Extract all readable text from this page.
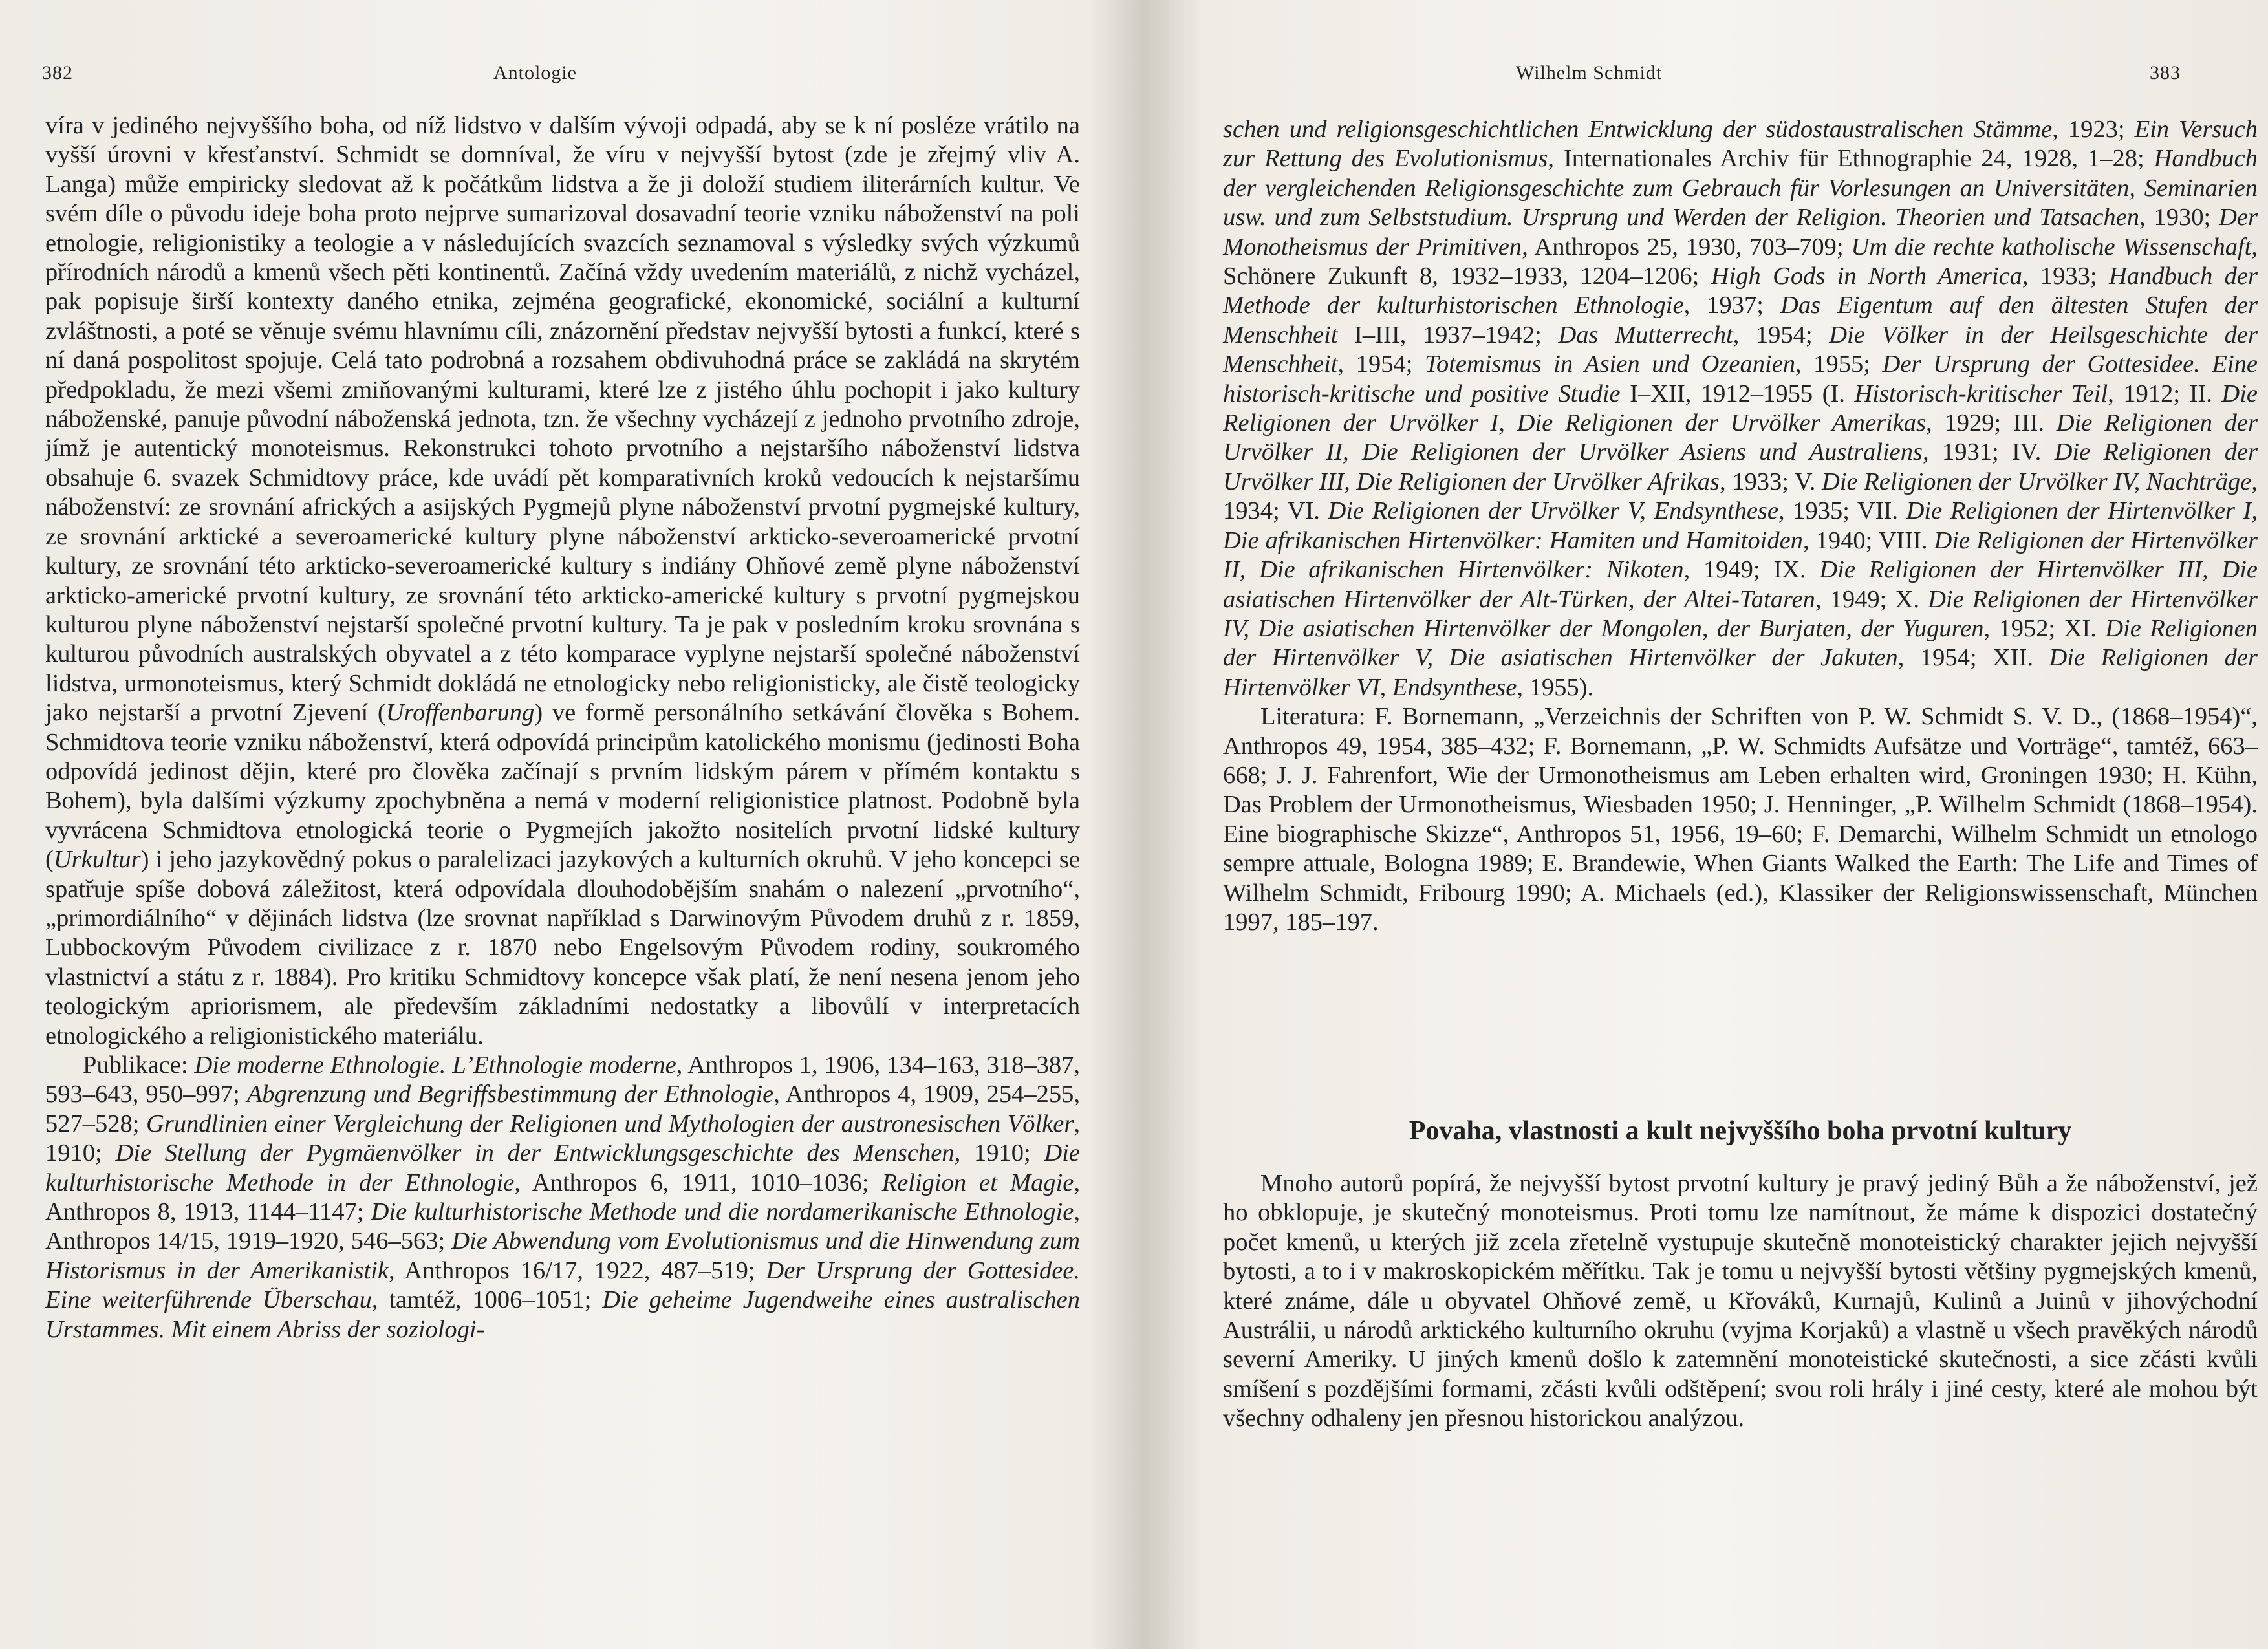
382	Antologie

víra v jediného nejvyššího boha, od níž lidstvo v dalším vývoji odpadá, aby se k ní posléze vrátilo na vyšší úrovni v křesťanství. Schmidt se domníval, že víru v nejvyšší bytost (zde je zřejmý vliv A. Langa) může empiricky sledovat až k počátkům lidstva a že ji doloží studiem iliterárních kultur. Ve svém díle o původu ideje boha proto nejprve sumarizoval dosavadní teorie vzniku náboženství na poli etnologie, religionistiky a teologie a v následujících svazcích seznamoval s výsledky svých výzkumů přírodních národů a kmenů všech pěti kontinentů. Začíná vždy uvedením materiálů, z nichž vycházel, pak popisuje širší kontexty daného etnika, zejména geografické, ekonomické, sociální a kulturní zvláštnosti, a poté se věnuje svému hlavnímu cíli, znázornění představ nejvyšší bytosti a funkcí, které s ní daná pospolitost spojuje. Celá tato podrobná a rozsahem obdivuhodná práce se zakládá na skrytém předpokladu, že mezi všemi zmiňovanými kulturami, které lze z jistého úhlu pochopit i jako kultury náboženské, panuje původní náboženská jednota, tzn. že všechny vycházejí z jednoho prvotního zdroje, jímž je autentický monoteismus. Rekonstrukci tohoto prvotního a nejstaršího náboženství lidstva obsahuje 6. svazek Schmidtovy práce, kde uvádí pět komparativních kroků vedoucích k nejstaršímu náboženství: ze srovnání afrických a asijských Pygmejů plyne náboženství prvotní pygmejské kultury, ze srovnání arktické a severoamerické kultury plyne náboženství arkticko-severoamerické prvotní kultury, ze srovnání této arkticko-severoamerické kultury s indiány Ohňové země plyne náboženství arkticko-americké prvotní kultury, ze srovnání této arkticko-americké kultury s prvotní pygmejskou kulturou plyne náboženství nejstarší společné prvotní kultury. Ta je pak v posledním kroku srovnána s kulturou původních australských obyvatel a z této komparace vyplyne nejstarší společné náboženství lidstva, urmonoteismus, který Schmidt dokládá ne etnologicky nebo religionisticky, ale čistě teologicky jako nejstarší a prvotní Zjevení (Uroffenbarung) ve formě personálního setkávání člověka s Bohem. Schmidtova teorie vzniku náboženství, která odpovídá principům katolického monismu (jedinosti Boha odpovídá jedinost dějin, které pro člověka začínají s prvním lidským párem v přímém kontaktu s Bohem), byla dalšími výzkumy zpochybněna a nemá v moderní religionistice platnost. Podobně byla vyvrácena Schmidtova etnologická teorie o Pygmejích jakožto nositelích prvotní lidské kultury (Urkultur) i jeho jazykovědný pokus o paralelizaci jazykových a kulturních okruhů. V jeho koncepci se spatřuje spíše dobová záležitost, která odpovídala dlouhodobějším snahám o nalezení „prvotního“, „primordiálního“ v dějinách lidstva (lze srovnat například s Darwinovým Původem druhů z r. 1859, Lubbockovým Původem civilizace z r. 1870 nebo Engelsovým Původem rodiny, soukromého vlastnictví a státu z r. 1884). Pro kritiku Schmidtovy koncepce však platí, že není nesena jenom jeho teologickým apriorismem, ale především základními nedostatky a libovůlí v interpretacích etnologického a religionistického materiálu.

Publikace: Die moderne Ethnologie. L’Ethnologie moderne, Anthropos 1, 1906, 134–163, 318–387, 593–643, 950–997; Abgrenzung und Begriffsbestimmung der Ethnologie, Anthropos 4, 1909, 254–255, 527–528; Grundlinien einer Vergleichung der Religionen und Mythologien der austronesischen Völker, 1910; Die Stellung der Pygmäenvölker in der Entwicklungsgeschichte des Menschen, 1910; Die kulturhistorische Methode in der Ethnologie, Anthropos 6, 1911, 1010–1036; Religion et Magie, Anthropos 8, 1913, 1144–1147; Die kulturhistorische Methode und die nordamerikanische Ethnologie, Anthropos 14/15, 1919–1920, 546–563; Die Abwendung vom Evolutionismus und die Hinwendung zum Historismus in der Amerikanistik, Anthropos 16/17, 1922, 487–519; Der Ursprung der Gottesidee. Eine weiterführende Überschau, tamtéž, 1006–1051; Die geheime Jugendweihe eines australischen Urstammes. Mit einem Abriss der soziologi-

Wilhelm Schmidt	383

schen und religionsgeschichtlichen Entwicklung der südostaustralischen Stämme, 1923; Ein Versuch zur Rettung des Evolutionismus, Internationales Archiv für Ethnographie 24, 1928, 1–28; Handbuch der vergleichenden Religionsgeschichte zum Gebrauch für Vorlesungen an Universitäten, Seminarien usw. und zum Selbststudium. Ursprung und Werden der Religion. Theorien und Tatsachen, 1930; Der Monotheismus der Primitiven, Anthropos 25, 1930, 703–709; Um die rechte katholische Wissenschaft, Schönere Zukunft 8, 1932–1933, 1204–1206; High Gods in North America, 1933; Handbuch der Methode der kulturhistorischen Ethnologie, 1937; Das Eigentum auf den ältesten Stufen der Menschheit I–III, 1937–1942; Das Mutterrecht, 1954; Die Völker in der Heilsgeschichte der Menschheit, 1954; Totemismus in Asien und Ozeanien, 1955; Der Ursprung der Gottesidee. Eine historisch-kritische und positive Studie I–XII, 1912–1955 (I. Historisch-kritischer Teil, 1912; II. Die Religionen der Urvölker I, Die Religionen der Urvölker Amerikas, 1929; III. Die Religionen der Urvölker II, Die Religionen der Urvölker Asiens und Australiens, 1931; IV. Die Religionen der Urvölker III, Die Religionen der Urvölker Afrikas, 1933; V. Die Religionen der Urvölker IV, Nachträge, 1934; VI. Die Religionen der Urvölker V, Endsynthese, 1935; VII. Die Religionen der Hirtenvölker I, Die afrikanischen Hirtenvölker: Hamiten und Hamitoiden, 1940; VIII. Die Religionen der Hirtenvölker II, Die afrikanischen Hirtenvölker: Nikoten, 1949; IX. Die Religionen der Hirtenvölker III, Die asiatischen Hirtenvölker der Alt-Türken, der Altei-Tataren, 1949; X. Die Religionen der Hirtenvölker IV, Die asiatischen Hirtenvölker der Mongolen, der Burjaten, der Yuguren, 1952; XI. Die Religionen der Hirtenvölker V, Die asiatischen Hirtenvölker der Jakuten, 1954; XII. Die Religionen der Hirtenvölker VI, Endsynthese, 1955).

Literatura: F. Bornemann, „Verzeichnis der Schriften von P. W. Schmidt S. V. D., (1868–1954)“, Anthropos 49, 1954, 385–432; F. Bornemann, „P. W. Schmidts Aufsätze und Vorträge“, tamtéž, 663–668; J. J. Fahrenfort, Wie der Urmonotheismus am Leben erhalten wird, Groningen 1930; H. Kühn, Das Problem der Urmonotheismus, Wiesbaden 1950; J. Henninger, „P. Wilhelm Schmidt (1868–1954). Eine biographische Skizze“, Anthropos 51, 1956, 19–60; F. Demarchi, Wilhelm Schmidt un etnologo sempre attuale, Bologna 1989; E. Brandewie, When Giants Walked the Earth: The Life and Times of Wilhelm Schmidt, Fribourg 1990; A. Michaels (ed.), Klassiker der Religionswissenschaft, München 1997, 185–197.

Povaha, vlastnosti a kult nejvyššího boha prvotní kultury

Mnoho autorů popírá, že nejvyšší bytost prvotní kultury je pravý jediný Bůh a že náboženství, jež ho obklopuje, je skutečný monoteismus. Proti tomu lze namítnout, že máme k dispozici dostatečný počet kmenů, u kterých již zcela zřetelně vystupuje skutečně monoteistický charakter jejich nejvyšší bytosti, a to i v makroskopickém měřítku. Tak je tomu u nejvyšší bytosti většiny pygmejských kmenů, které známe, dále u obyvatel Ohňové země, u Křováků, Kurnajů, Kulinů a Juinů v jihovýchodní Austrálii, u národů arktického kulturního okruhu (vyjma Korjaků) a vlastně u všech pravěkých národů severní Ameriky. U jiných kmenů došlo k zatemnění monoteistické skutečnosti, a sice zčásti kvůli smíšení s pozdějšími formami, zčásti kvůli odštěpení; svou roli hrály i jiné cesty, které ale mohou být všechny odhaleny jen přesnou historickou analýzou.
